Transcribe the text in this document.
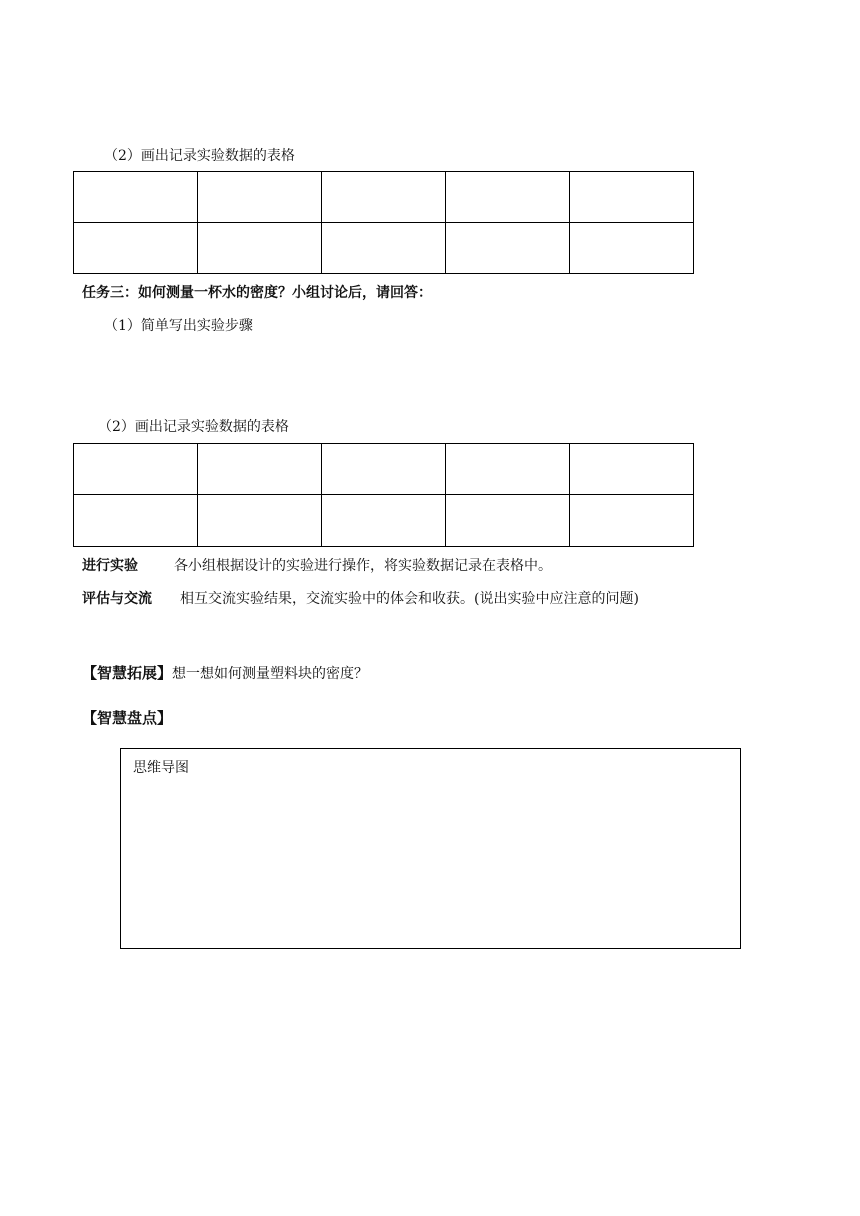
（2）画出记录实验数据的表格

任务三：如何测量一杯水的密度？小组讨论后，请回答：
（1）简单写出实验步骤
（2）画出记录实验数据的表格

进行实验	各小组根据设计的实验进行操作，将实验数据记录在表格中。
评估与交流 相互交流实验结果，交流实验中的体会和收获。(说出实验中应注意的问题)
【智慧拓展】想一想如何测量塑料块的密度？
【智慧盘点】
思维导图
